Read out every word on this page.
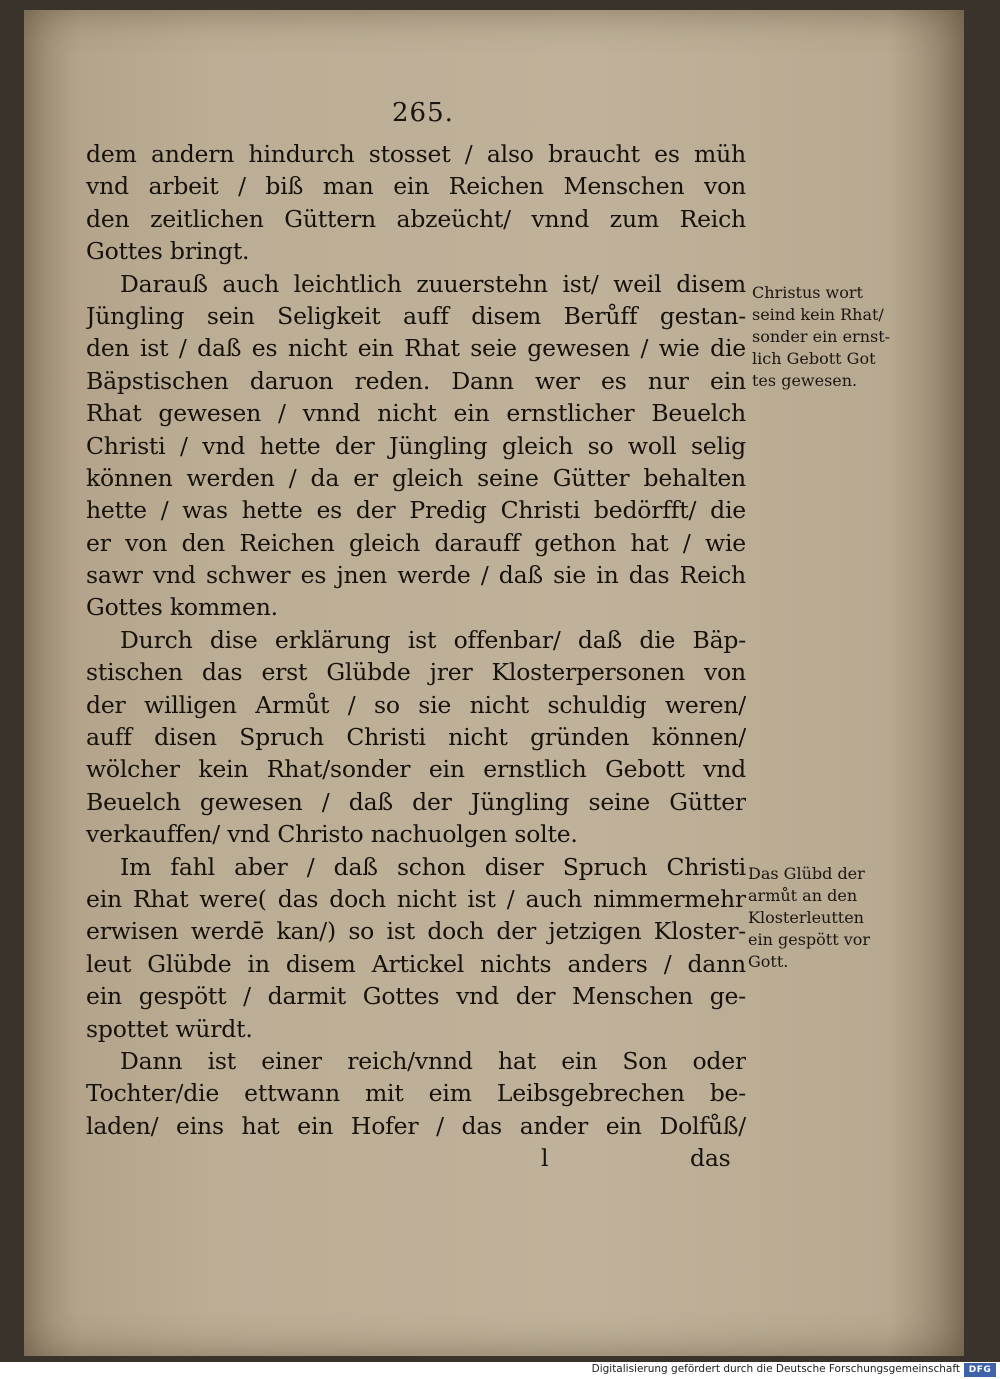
265.
dem andern hindurch stosset / also braucht es müh
vnd arbeit / biß man ein Reichen Menschen von
den zeitlichen Güttern abzeücht/ vnnd zum Reich
Gottes bringt.
Darauß auch leichtlich zuuerstehn ist/ weil disem
Jüngling sein Seligkeit auff disem Berůff gestan-
den ist / daß es nicht ein Rhat seie gewesen / wie die
Bäpstischen daruon reden. Dann wer es nur ein
Rhat gewesen / vnnd nicht ein ernstlicher Beuelch
Christi / vnd hette der Jüngling gleich so woll selig
können werden / da er gleich seine Gütter behalten
hette / was hette es der Predig Christi bedörfft/ die
er von den Reichen gleich darauff gethon hat / wie
sawr vnd schwer es jnen werde / daß sie in das Reich
Gottes kommen.
Durch dise erklärung ist offenbar/ daß die Bäp-
stischen das erst Glübde jrer Klosterpersonen von
der willigen Armůt / so sie nicht schuldig weren/
auff disen Spruch Christi nicht gründen können/
wölcher kein Rhat/sonder ein ernstlich Gebott vnd
Beuelch gewesen / daß der Jüngling seine Gütter
verkauffen/ vnd Christo nachuolgen solte.
Im fahl aber / daß schon diser Spruch Christi
ein Rhat were( das doch nicht ist / auch nimmermehr
erwisen werdē kan/) so ist doch der jetzigen Kloster-
leut Glübde in disem Artickel nichts anders / dann
ein gespött / darmit Gottes vnd der Menschen ge-
spottet würdt.
Dann ist einer reich/vnnd hat ein Son oder
Tochter/die ettwann mit eim Leibsgebrechen be-
laden/ eins hat ein Hofer / das ander ein Dolfůß/
l	das
Christus wort
seind kein Rhat/
sonder ein ernst-
lich Gebott Got
tes gewesen.
Das Glübd der
armůt an den
Klosterleutten
ein gespött vor
Gott.
Digitalisierung gefördert durch die Deutsche Forschungsgemeinschaft DFG
